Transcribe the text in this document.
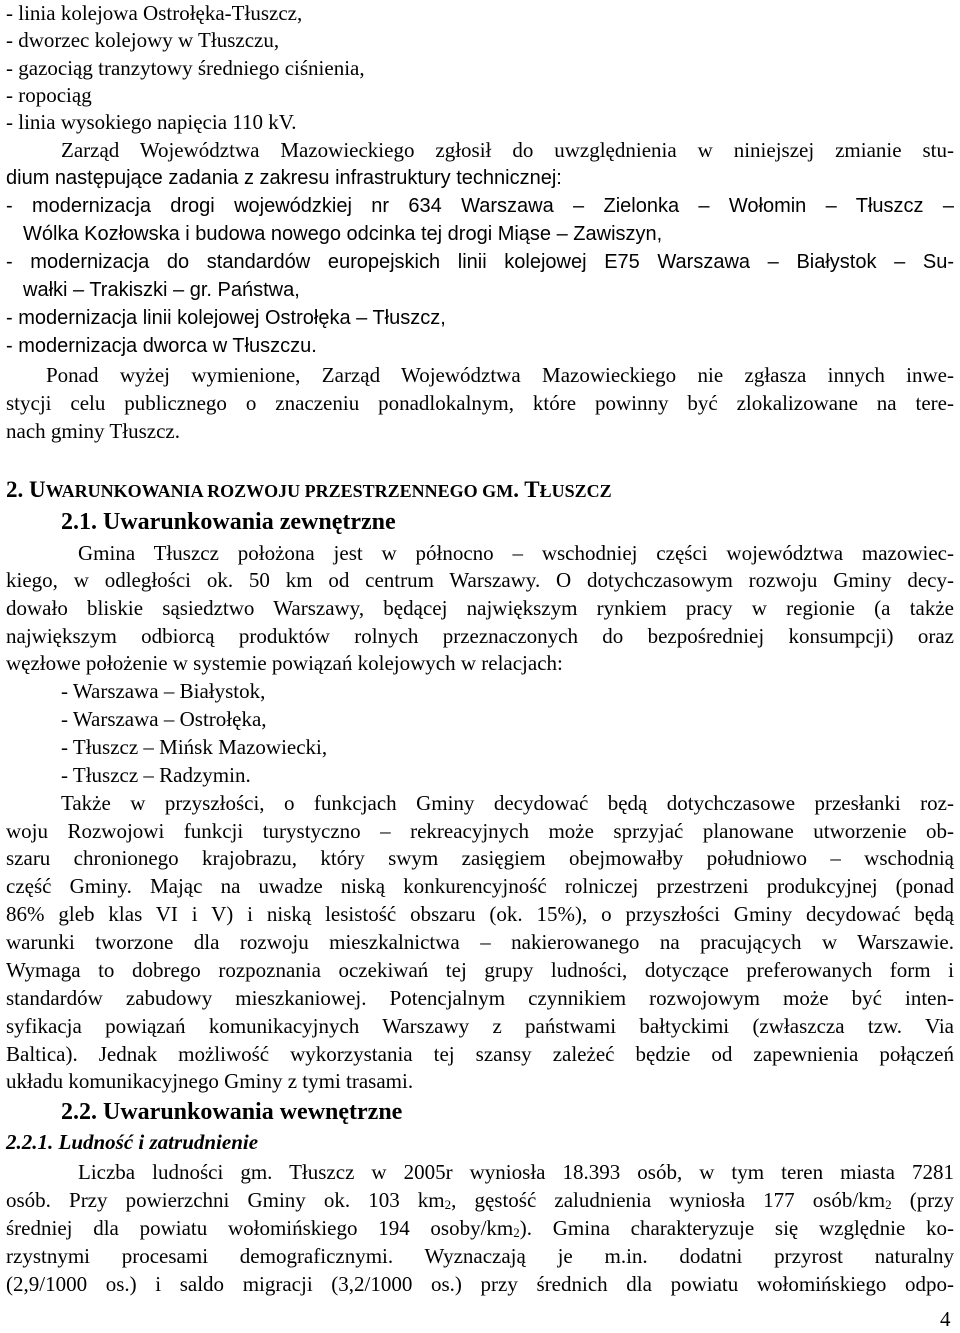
- linia kolejowa Ostrołęka-Tłuszcz,
- dworzec kolejowy w Tłuszczu,
- gazociąg tranzytowy średniego ciśnienia,
- ropociąg
- linia wysokiego napięcia 110 kV.
Zarząd Województwa Mazowieckiego zgłosił do uwzględnienia w niniejszej zmianie stu-
dium następujące zadania z zakresu infrastruktury technicznej:
- modernizacja drogi wojewódzkiej nr 634 Warszawa – Zielonka – Wołomin – Tłuszcz –
Wólka Kozłowska i budowa nowego odcinka tej drogi Miąse – Zawiszyn,
- modernizacja do standardów europejskich linii kolejowej E75 Warszawa – Białystok – Su-
wałki – Trakiszki – gr. Państwa,
- modernizacja linii kolejowej Ostrołęka – Tłuszcz,
- modernizacja dworca w Tłuszczu.
Ponad wyżej wymienione, Zarząd Województwa Mazowieckiego nie zgłasza innych inwe-
stycji celu publicznego o znaczeniu ponadlokalnym, które powinny być zlokalizowane na tere-
nach gminy Tłuszcz.
2. UWARUNKOWANIA ROZWOJU PRZESTRZENNEGO GM. TŁUSZCZ
2.1. Uwarunkowania zewnętrzne
Gmina Tłuszcz położona jest w północno – wschodniej części województwa mazowiec-
kiego, w odległości ok. 50 km od centrum Warszawy. O dotychczasowym rozwoju Gminy decy-
dowało bliskie sąsiedztwo Warszawy, będącej największym rynkiem pracy w regionie (a także
największym odbiorcą produktów rolnych przeznaczonych do bezpośredniej konsumpcji) oraz
węzłowe położenie w systemie powiązań kolejowych w relacjach:
- Warszawa – Białystok,
- Warszawa – Ostrołęka,
- Tłuszcz – Mińsk Mazowiecki,
- Tłuszcz – Radzymin.
Także w przyszłości, o funkcjach Gminy decydować będą dotychczasowe przesłanki roz-
woju Rozwojowi funkcji turystyczno – rekreacyjnych może sprzyjać planowane utworzenie ob-
szaru chronionego krajobrazu, który swym zasięgiem obejmowałby południowo – wschodnią
część Gminy. Mając na uwadze niską konkurencyjność rolniczej przestrzeni produkcyjnej (ponad
86% gleb klas VI i V) i niską lesistość obszaru (ok. 15%), o przyszłości Gminy decydować będą
warunki tworzone dla rozwoju mieszkalnictwa – nakierowanego na pracujących w Warszawie.
Wymaga to dobrego rozpoznania oczekiwań tej grupy ludności, dotyczące preferowanych form i
standardów zabudowy mieszkaniowej. Potencjalnym czynnikiem rozwojowym może być inten-
syfikacja powiązań komunikacyjnych Warszawy z państwami bałtyckimi (zwłaszcza tzw. Via
Baltica). Jednak możliwość wykorzystania tej szansy zależeć będzie od zapewnienia połączeń
układu komunikacyjnego Gminy z tymi trasami.
2.2. Uwarunkowania wewnętrzne
2.2.1. Ludność i zatrudnienie
Liczba ludności gm. Tłuszcz w 2005r wyniosła 18.393 osób, w tym teren miasta 7281
osób. Przy powierzchni Gminy ok. 103 $km_2$, gęstość zaludnienia wyniosła 177 osób/$km_2$ (przy
średniej dla powiatu wołomińskiego 194 osoby/$km_2$). Gmina charakteryzuje się względnie ko-
rzystnymi procesami demograficznymi. Wyznaczają je m.in. dodatni przyrost naturalny
(2,9/1000 os.) i saldo migracji (3,2/1000 os.) przy średnich dla powiatu wołomińskiego odpo-
4
